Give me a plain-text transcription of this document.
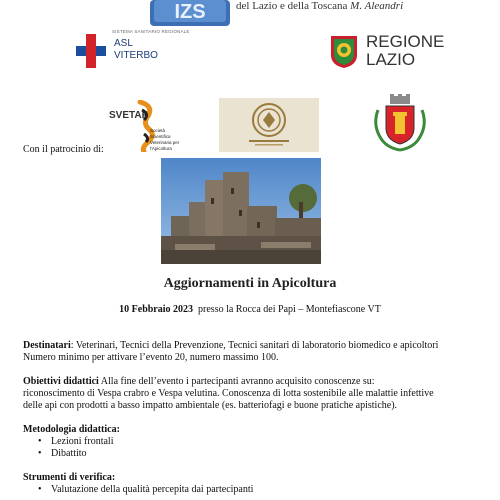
IZS	del Lazio e della Toscana M. Aleandri
SISTEMA SANITARIO REGIONALE
ASL
VITERBO
REGIONE
LAZIO
SVETAP
Società Scientifica Veterinaria per l'Apicoltura
Con il patrocinio di:
Aggiornamenti in Apicoltura
10 Febbraio 2023 presso la Rocca dei Papi – Montefiascone VT
Destinatari: Veterinari, Tecnici della Prevenzione, Tecnici sanitari di laboratorio biomedico e apicoltori
Numero minimo per attivare l’evento 20, numero massimo 100.
Obiettivi didattici Alla fine dell’evento i partecipanti avranno acquisito conoscenze su:
riconoscimento di Vespa crabro e Vespa velutina. Conoscenza di lotta sostenibile alle malattie infettive
delle api con prodotti a basso impatto ambientale (es. batteriofagi e buone pratiche apistiche).
Metodologia didattica:
• Lezioni frontali
• Dibattito
Strumenti di verifica:
• Valutazione della qualità percepita dai partecipanti
